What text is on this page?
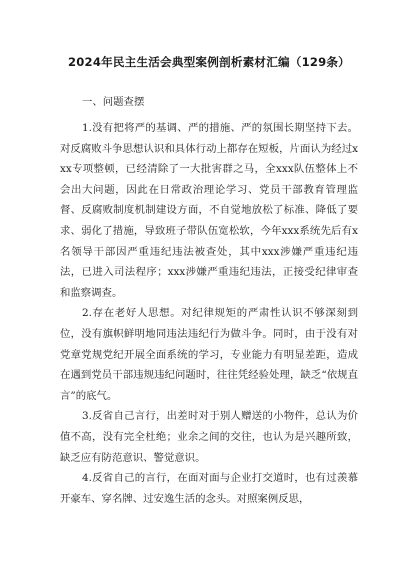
2024年民主生活会典型案例剖析素材汇编（129条）
一、问题查摆

1.没有把将严的基调、严的措施、严的氛围长期坚持下去。对反腐败斗争思想认识和具体行动上都存在短板，片面认为经过xxx专项整顿，已经清除了一大批害群之马，全xxx队伍整体上不会出大问题，因此在日常政治理论学习、党员干部教育管理监督、反腐败制度机制建设方面，不自觉地放松了标准、降低了要求、弱化了措施，导致班子带队伍宽松软，今年xxx系统先后有x名领导干部因严重违纪违法被查处，其中xxx涉嫌严重违纪违法，已进入司法程序；xxx涉嫌严重违纪违法，正接受纪律审查和监察调查。

2.存在老好人思想。对纪律规矩的严肃性认识不够深刻到位，没有旗帜鲜明地同违法违纪行为做斗争。同时，由于没有对党章党规党纪开展全面系统的学习，专业能力有明显差距，造成在遇到党员干部违规违纪问题时，往往凭经验处理，缺乏“依规直言”的底气。

3.反省自己言行，出差时对于别人赠送的小物件，总认为价值不高，没有完全杜绝；业余之间的交往，也认为是兴趣所致，缺乏应有防范意识、警觉意识。

4.反省自己的言行，在面对面与企业打交道时，也有过羡慕开豪车、穿名牌、过安逸生活的念头。对照案例反思，
